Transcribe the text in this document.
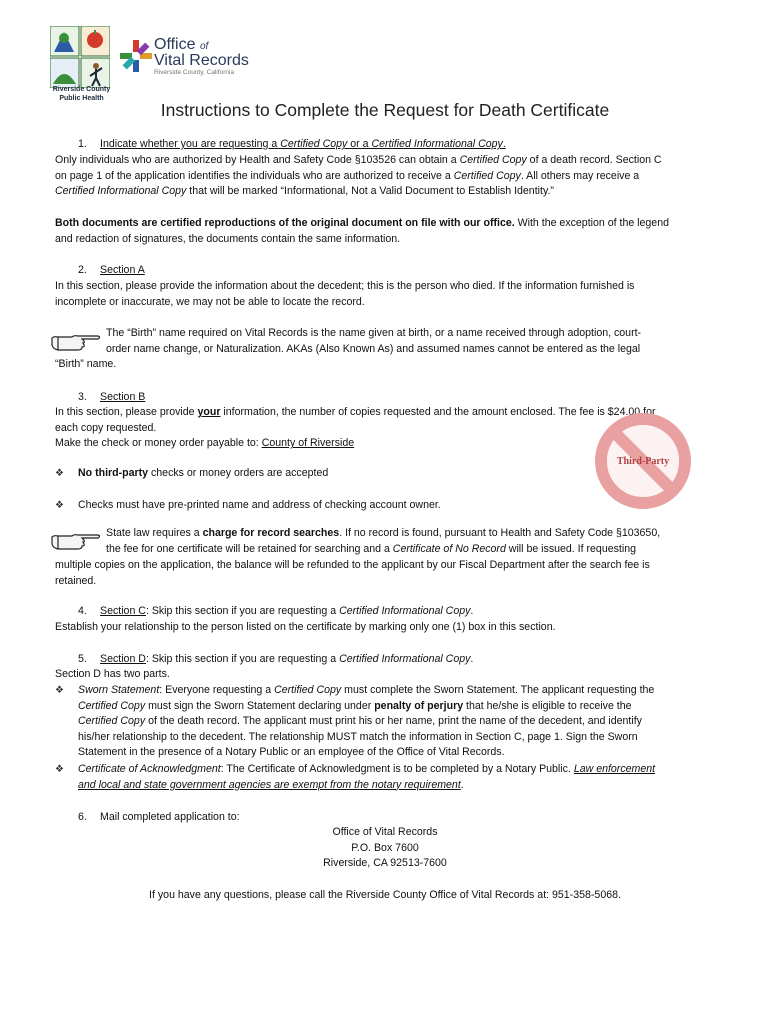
Riverside County
Public Health
Office of
Vital Records
Riverside County, California
Instructions to Complete the Request for Death Certificate
1. Indicate whether you are requesting a Certified Copy or a Certified Informational Copy.
Only individuals who are authorized by Health and Safety Code §103526 can obtain a Certified Copy of a death record. Section C
on page 1 of the application identifies the individuals who are authorized to receive a Certified Copy. All others may receive a
Certified Informational Copy that will be marked “Informational, Not a Valid Document to Establish Identity.”
Both documents are certified reproductions of the original document on file with our office. With the exception of the legend
and redaction of signatures, the documents contain the same information.
2. Section A
In this section, please provide the information about the decedent; this is the person who died. If the information furnished is
incomplete or inaccurate, we may not be able to locate the record.
The “Birth” name required on Vital Records is the name given at birth, or a name received through adoption, court-
order name change, or Naturalization. AKAs (Also Known As) and assumed names cannot be entered as the legal
“Birth” name.
3. Section B
In this section, please provide your information, the number of copies requested and the amount enclosed. The fee is $24.00 for
each copy requested.
Make the check or money order payable to: County of Riverside
❖ No third-party checks or money orders are accepted
❖ Checks must have pre-printed name and address of checking account owner.
Third-Party
State law requires a charge for record searches. If no record is found, pursuant to Health and Safety Code §103650,
the fee for one certificate will be retained for searching and a Certificate of No Record will be issued. If requesting
multiple copies on the application, the balance will be refunded to the applicant by our Fiscal Department after the search fee is
retained.
4. Section C: Skip this section if you are requesting a Certified Informational Copy.
Establish your relationship to the person listed on the certificate by marking only one (1) box in this section.
5. Section D: Skip this section if you are requesting a Certified Informational Copy.
Section D has two parts.
❖ Sworn Statement: Everyone requesting a Certified Copy must complete the Sworn Statement. The applicant requesting the
Certified Copy must sign the Sworn Statement declaring under penalty of perjury that he/she is eligible to receive the
Certified Copy of the death record. The applicant must print his or her name, print the name of the decedent, and identify
his/her relationship to the decedent. The relationship MUST match the information in Section C, page 1. Sign the Sworn
Statement in the presence of a Notary Public or an employee of the Office of Vital Records.
❖ Certificate of Acknowledgment: The Certificate of Acknowledgment is to be completed by a Notary Public. Law enforcement
and local and state government agencies are exempt from the notary requirement.
6. Mail completed application to:
Office of Vital Records
P.O. Box 7600
Riverside, CA 92513-7600
If you have any questions, please call the Riverside County Office of Vital Records at: 951-358-5068.
